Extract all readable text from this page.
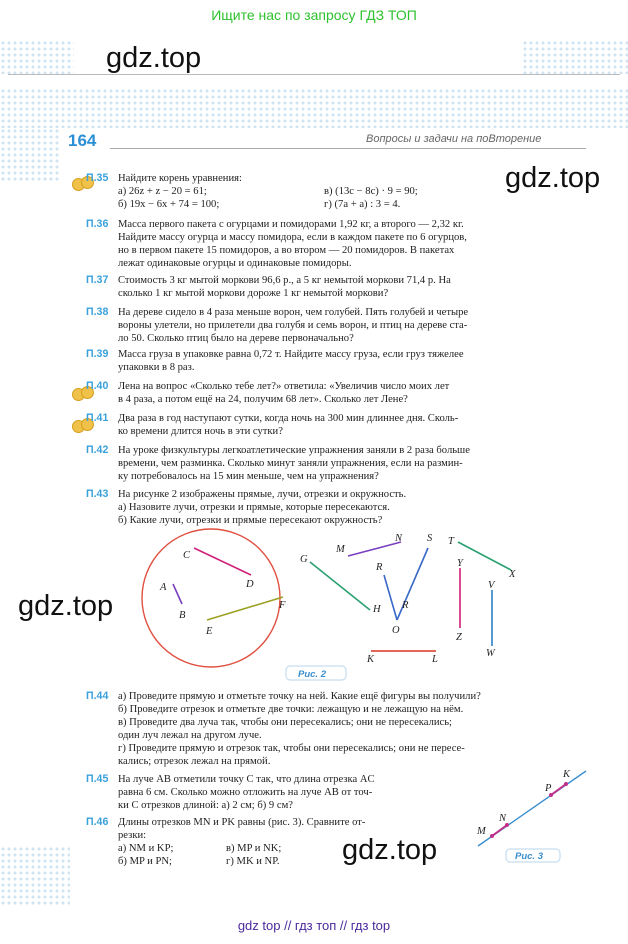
Ищите нас по запросу ГДЗ ТОП
gdz.top
164	Вопросы и задачи на поВторение
gdz.top
gdz.top
gdz.top
П.35 Найдите корень уравнения:
а) 26z + z − 20 = 61;	в) (13c − 8c) · 9 = 90;
б) 19x − 6x + 74 = 100;	г) (7a + a) : 3 = 4.
П.36 Масса первого пакета с огурцами и помидорами 1,92 кг, а второго — 2,32 кг.
Найдите массу огурца и массу помидора, если в каждом пакете по 6 огурцов,
но в первом пакете 15 помидоров, а во втором — 20 помидоров. В пакетах
лежат одинаковые огурцы и одинаковые помидоры.
П.37 Стоимость 3 кг мытой моркови 96,6 р., а 5 кг немытой моркови 71,4 р. На
сколько 1 кг мытой моркови дороже 1 кг немытой моркови?
П.38 На дереве сидело в 4 раза меньше ворон, чем голубей. Пять голубей и четыре
вороны улетели, но прилетели два голубя и семь ворон, и птиц на дереве ста-
ло 50. Сколько птиц было на дереве первоначально?
П.39 Масса груза в упаковке равна 0,72 т. Найдите массу груза, если груз тяжелее
упаковки в 8 раз.
П.40 Лена на вопрос «Сколько тебе лет?» ответила: «Увеличив число моих лет
в 4 раза, а потом ещё на 24, получим 68 лет». Сколько лет Лене?
П.41 Два раза в год наступают сутки, когда ночь на 300 мин длиннее дня. Сколь-
ко времени длится ночь в эти сутки?
П.42 На уроке физкультуры легкоатлетические упражнения заняли в 2 раза больше
времени, чем разминка. Сколько минут заняли упражнения, если на размин-
ку потребовалось на 15 мин меньше, чем на упражнения?
П.43 На рисунке 2 изображены прямые, лучи, отрезки и окружность.
а) Назовите лучи, отрезки и прямые, которые пересекаются.
б) Какие лучи, отрезки и прямые пересекают окружность?
C
D
A
B
E
F
M
N S T
G
R	Y
X
V
H R
O
Z
W
K	L
Рис. 2
M
N
P
K
Рис. 3
П.44 а) Проведите прямую и отметьте точку на ней. Какие ещё фигуры вы получили?
б) Проведите отрезок и отметьте две точки: лежащую и не лежащую на нём.
в) Проведите два луча так, чтобы они пересекались; они не пересекались;
один луч лежал на другом луче.
г) Проведите прямую и отрезок так, чтобы они пересекались; они не пересе-
кались; отрезок лежал на прямой.
П.45 На луче AB отметили точку C так, что длина отрезка AC
равна 6 см. Сколько можно отложить на луче AB от точ-
ки C отрезков длиной: а) 2 см; б) 9 см?
П.46 Длины отрезков MN и PK равны (рис. 3). Сравните от-
резки:
а) NM и KP;	в) MP и NK;
б) MP и PN;	г) MK и NP.
gdz top // гдз топ // гдз top
